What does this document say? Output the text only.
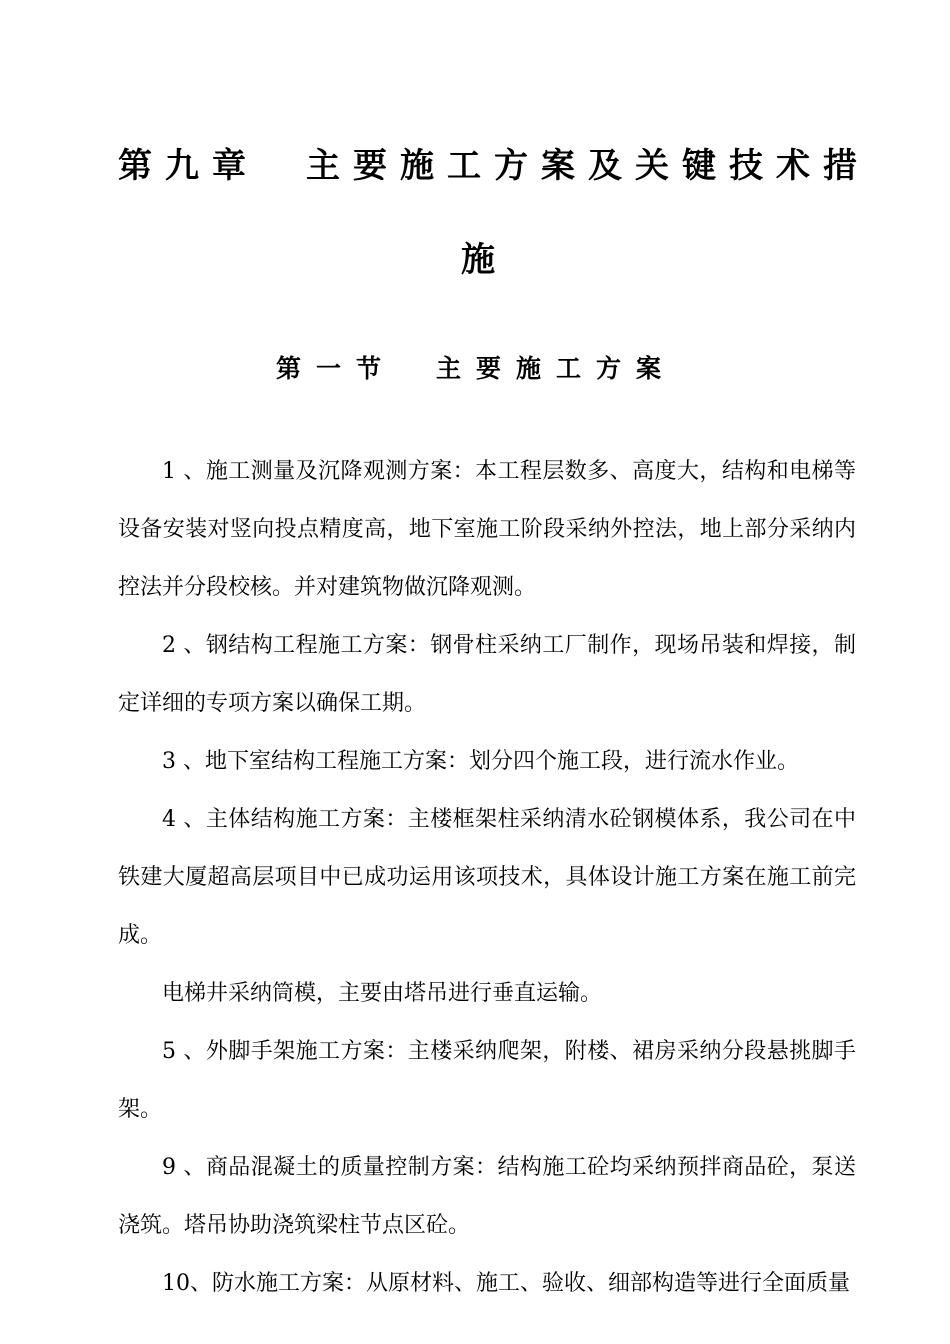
第九章　主要施工方案及关键技术措
施
第一节　主要施工方案

1 、施工测量及沉降观测方案：本工程层数多、高度大，结构和电梯等设备安装对竖向投点精度高，地下室施工阶段采纳外控法，地上部分采纳内控法并分段校核。并对建筑物做沉降观测。

2 、钢结构工程施工方案：钢骨柱采纳工厂制作，现场吊装和焊接，制定详细的专项方案以确保工期。

3 、地下室结构工程施工方案：划分四个施工段，进行流水作业。

4 、主体结构施工方案：主楼框架柱采纳清水砼钢模体系，我公司在中铁建大厦超高层项目中已成功运用该项技术，具体设计施工方案在施工前完成。

电梯井采纳筒模，主要由塔吊进行垂直运输。

5 、外脚手架施工方案：主楼采纳爬架，附楼、裙房采纳分段悬挑脚手架。

9 、商品混凝土的质量控制方案：结构施工砼均采纳预拌商品砼，泵送浇筑。塔吊协助浇筑梁柱节点区砼。

10、防水施工方案：从原材料、施工、验收、细部构造等进行全面质量
